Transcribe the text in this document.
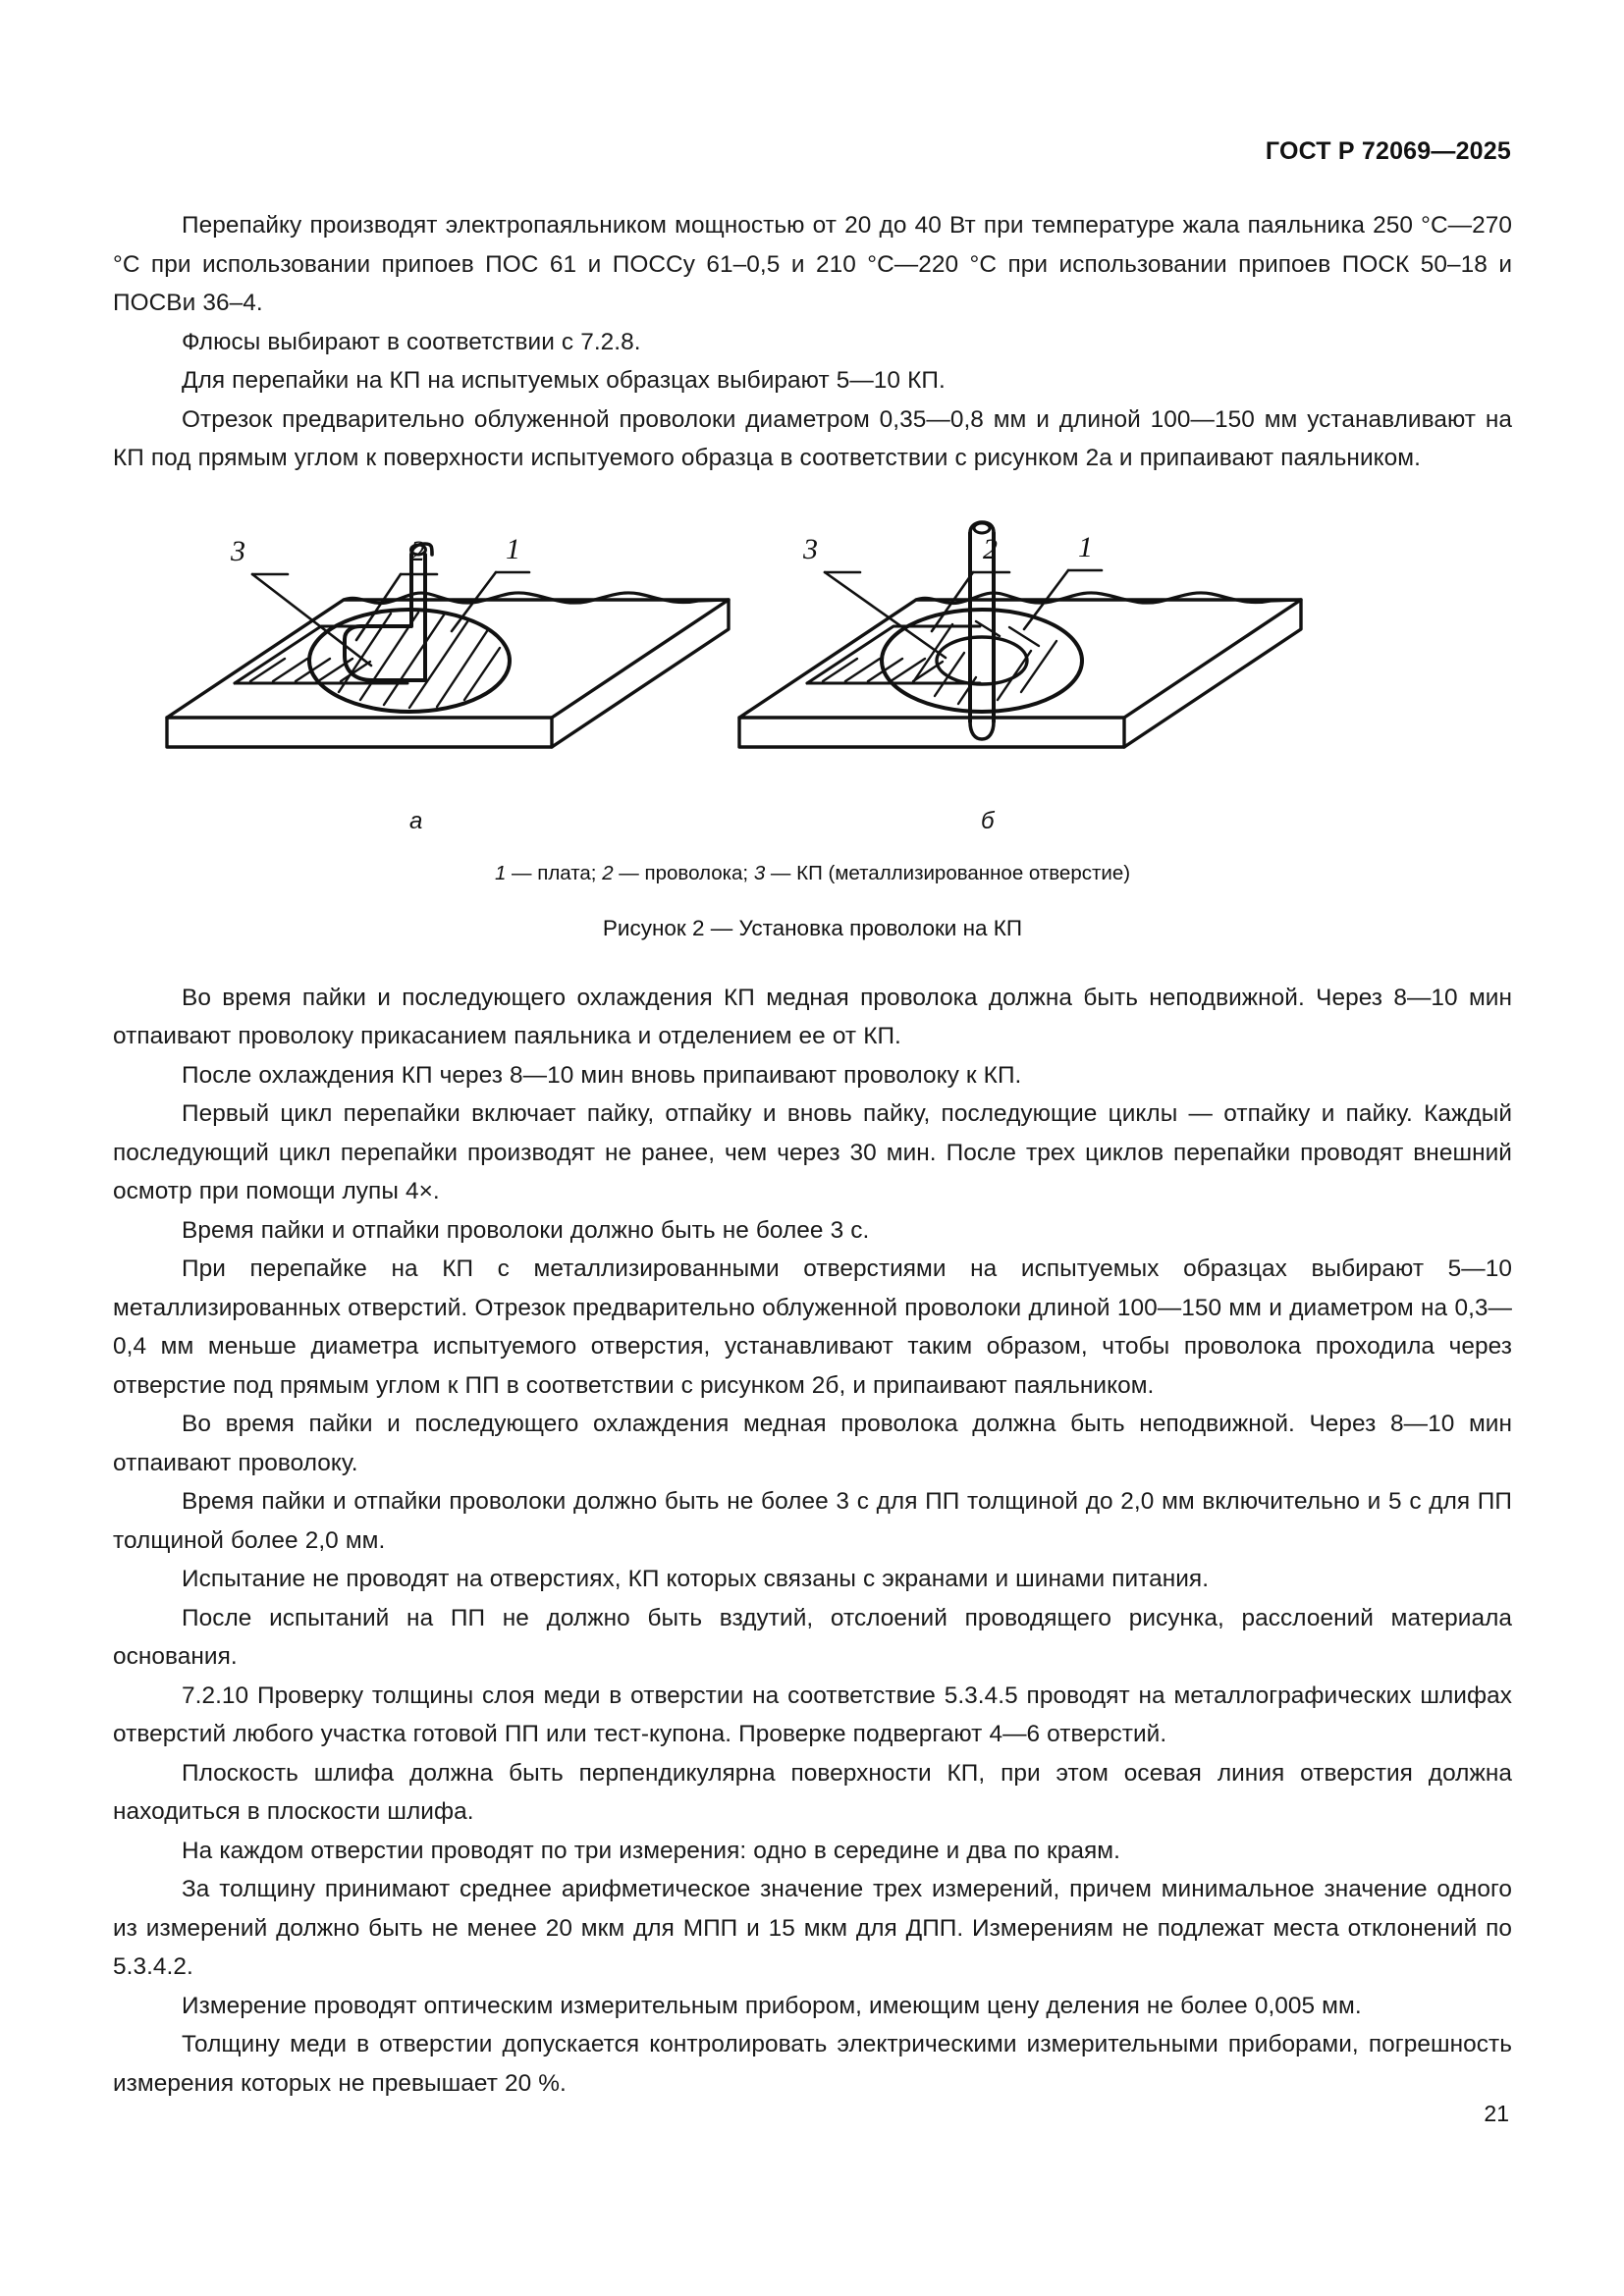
ГОСТ Р 72069—2025

Перепайку производят электропаяльником мощностью от 20 до 40 Вт при температуре жала паяльника 250 °С—270 °С при использовании припоев ПОС 61 и ПОССу 61–0,5 и 210 °С—220 °С при использовании припоев ПОСК 50–18 и ПОСВи 36–4.

Флюсы выбирают в соответствии с 7.2.8.

Для перепайки на КП на испытуемых образцах выбирают 5—10 КП.

Отрезок предварительно облуженной проволоки диаметром 0,35—0,8 мм и длиной 100—150 мм устанавливают на КП под прямым углом к поверхности испытуемого образца в соответствии с рисунком 2а и припаивают паяльником.

3	2	1	3	2	1
а	б
1 — плата; 2 — проволока; 3 — КП (металлизированное отверстие)
Рисунок 2 — Установка проволоки на КП

Во время пайки и последующего охлаждения КП медная проволока должна быть неподвижной. Через 8—10 мин отпаивают проволоку прикасанием паяльника и отделением ее от КП.

После охлаждения КП через 8—10 мин вновь припаивают проволоку к КП.

Первый цикл перепайки включает пайку, отпайку и вновь пайку, последующие циклы — отпайку и пайку. Каждый последующий цикл перепайки производят не ранее, чем через 30 мин. После трех циклов перепайки проводят внешний осмотр при помощи лупы 4×.

Время пайки и отпайки проволоки должно быть не более 3 с.

При перепайке на КП с металлизированными отверстиями на испытуемых образцах выбирают 5—10 металлизированных отверстий. Отрезок предварительно облуженной проволоки длиной 100—150 мм и диаметром на 0,3—0,4 мм меньше диаметра испытуемого отверстия, устанавливают таким образом, чтобы проволока проходила через отверстие под прямым углом к ПП в соответствии с рисунком 2б, и припаивают паяльником.

Во время пайки и последующего охлаждения медная проволока должна быть неподвижной. Через 8—10 мин отпаивают проволоку.

Время пайки и отпайки проволоки должно быть не более 3 с для ПП толщиной до 2,0 мм включительно и 5 с для ПП толщиной более 2,0 мм.

Испытание не проводят на отверстиях, КП которых связаны с экранами и шинами питания.

После испытаний на ПП не должно быть вздутий, отслоений проводящего рисунка, расслоений материала основания.

7.2.10 Проверку толщины слоя меди в отверстии на соответствие 5.3.4.5 проводят на металлографических шлифах отверстий любого участка готовой ПП или тест-купона. Проверке подвергают 4—6 отверстий.

Плоскость шлифа должна быть перпендикулярна поверхности КП, при этом осевая линия отверстия должна находиться в плоскости шлифа.

На каждом отверстии проводят по три измерения: одно в середине и два по краям.

За толщину принимают среднее арифметическое значение трех измерений, причем минимальное значение одного из измерений должно быть не менее 20 мкм для МПП и 15 мкм для ДПП. Измерениям не подлежат места отклонений по 5.3.4.2.

Измерение проводят оптическим измерительным прибором, имеющим цену деления не более 0,005 мм.

Толщину меди в отверстии допускается контролировать электрическими измерительными приборами, погрешность измерения которых не превышает 20 %.

21
